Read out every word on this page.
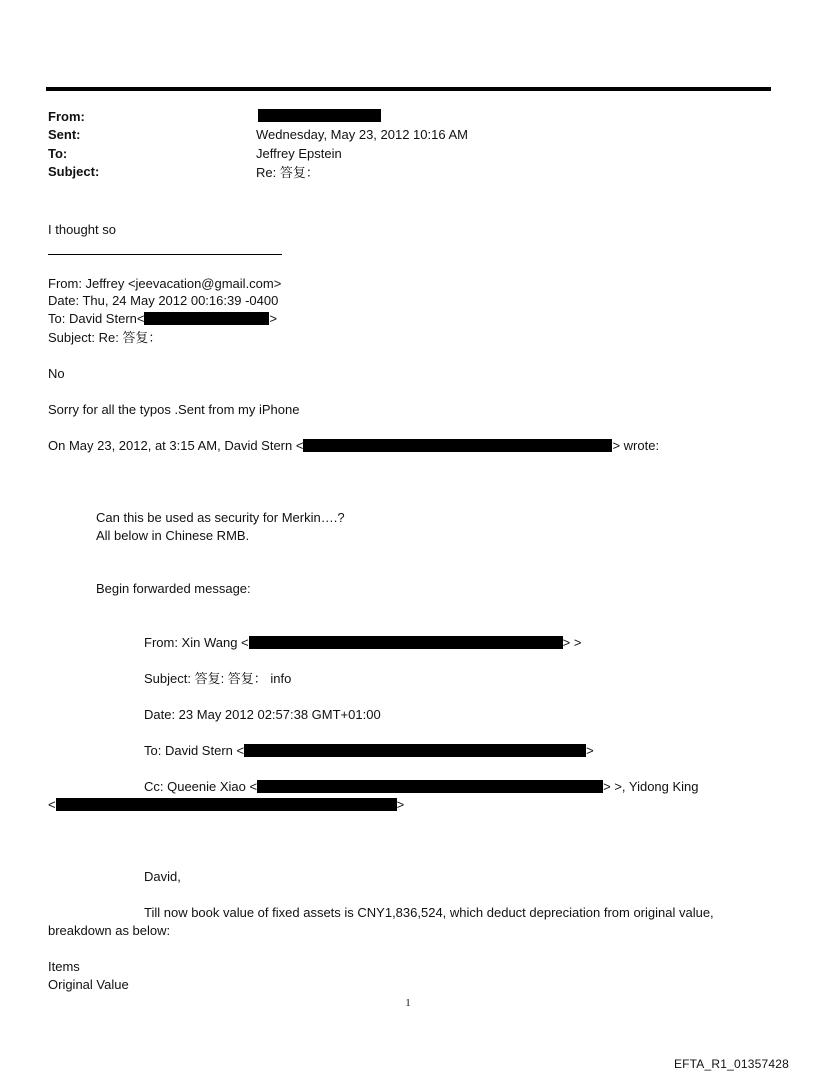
From:
Sent:	Wednesday, May 23, 2012 10:16 AM
To:	Jeffrey Epstein
Subject:	Re: 答复：
I thought so
From: Jeffrey <jeevacation@gmail.com>
Date: Thu, 24 May 2012 00:16:39 -0400
To: David Stern<	>
Subject: Re: 答复：
No
Sorry for all the typos .Sent from my iPhone
On May 23, 2012, at 3:15 AM, David Stern <	> wrote:
Can this be used as security for Merkin….?
All below in Chinese RMB.
Begin forwarded message:
From: Xin Wang <	> >
Subject: 答复: 答复： info
Date: 23 May 2012 02:57:38 GMT+01:00
To: David Stern <	>
Cc: Queenie Xiao <	> >, Yidong King
<	>
David,
Till now book value of fixed assets is CNY1,836,524, which deduct depreciation from original value,
breakdown as below:
Items
Original Value
1
EFTA_R1_01357428
